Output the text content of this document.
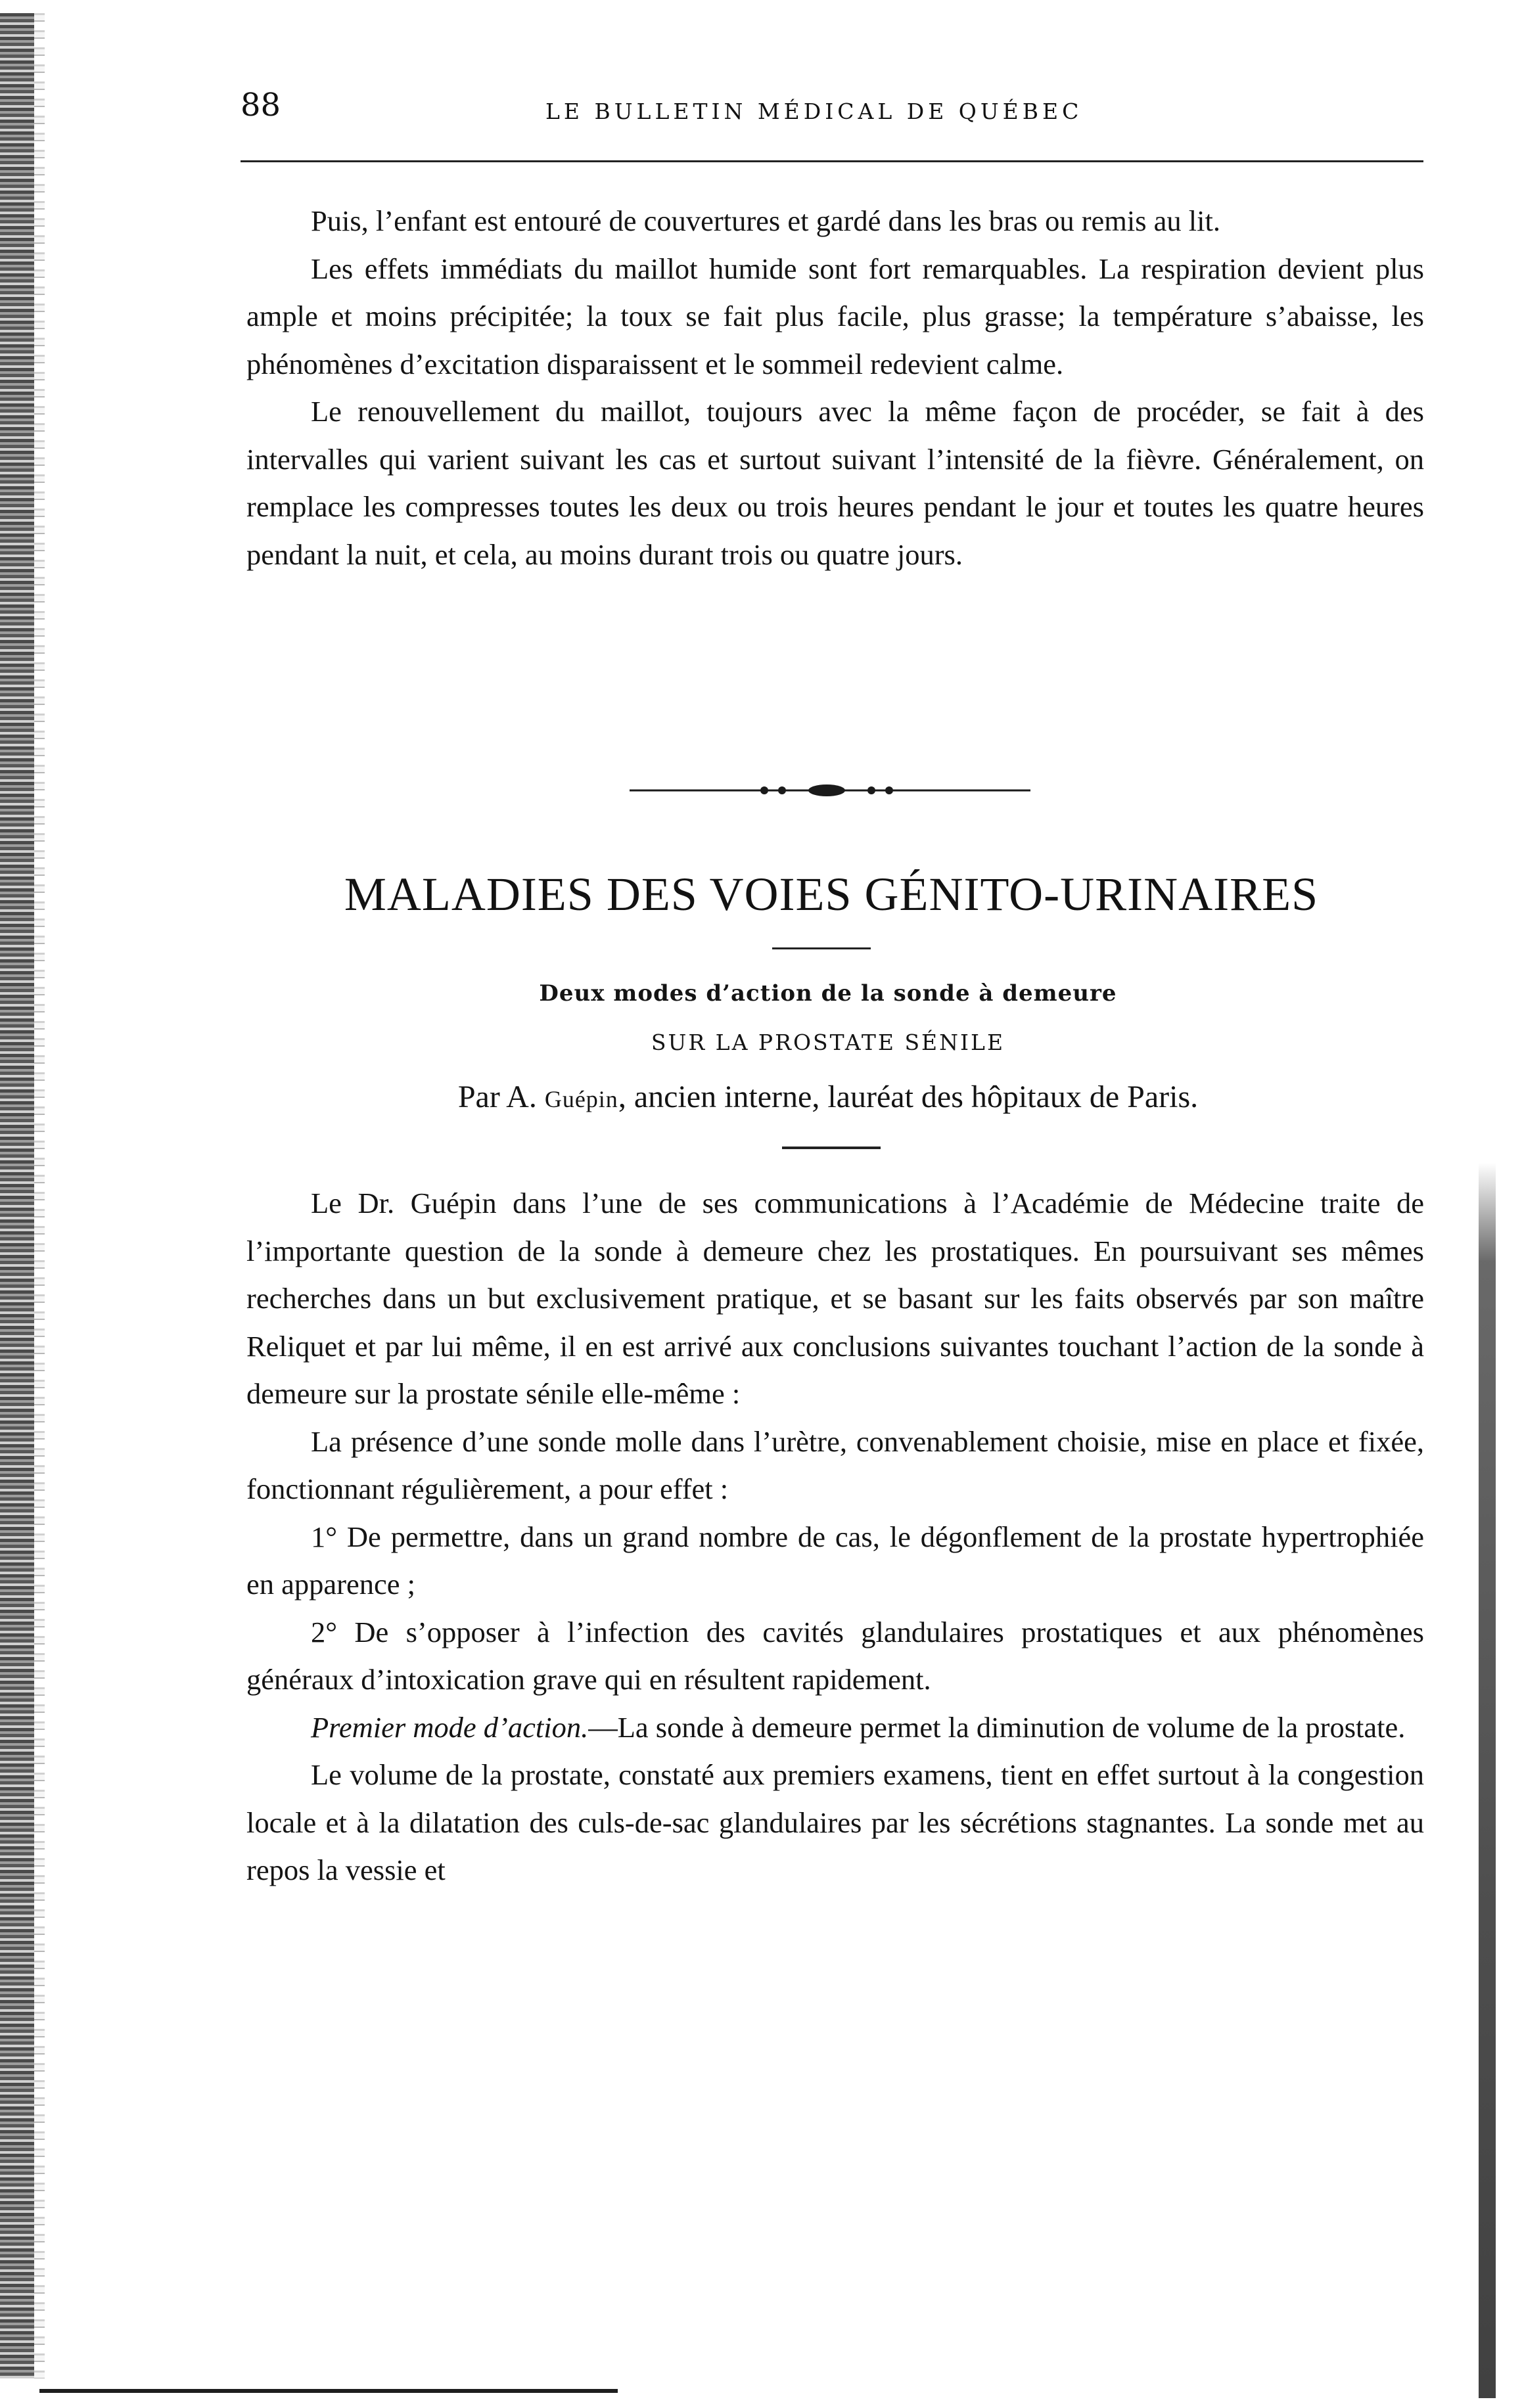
88	LE BULLETIN MÉDICAL DE QUÉBEC

Puis, l’enfant est entouré de couvertures et gardé dans les bras ou remis au lit.

Les effets immédiats du maillot humide sont fort remarquables. La respiration devient plus ample et moins précipitée; la toux se fait plus facile, plus grasse; la température s’abaisse, les phénomènes d’excitation disparaissent et le sommeil redevient calme.

Le renouvellement du maillot, toujours avec la même façon de procéder, se fait à des intervalles qui varient suivant les cas et surtout suivant l’intensité de la fièvre. Généralement, on remplace les compresses toutes les deux ou trois heures pendant le jour et toutes les quatre heures pendant la nuit, et cela, au moins durant trois ou quatre jours.

MALADIES DES VOIES GÉNITO-URINAIRES
Deux modes d’action de la sonde à demeure
SUR LA PROSTATE SÉNILE
Par A. Guépin, ancien interne, lauréat des hôpitaux de Paris.

Le Dr. Guépin dans l’une de ses communications à l’Académie de Médecine traite de l’importante question de la sonde à demeure chez les prostatiques. En poursuivant ses mêmes recherches dans un but exclusivement pratique, et se basant sur les faits observés par son maître Reliquet et par lui même, il en est arrivé aux conclusions suivantes touchant l’action de la sonde à demeure sur la prostate sénile elle-même :

La présence d’une sonde molle dans l’urètre, convenablement choisie, mise en place et fixée, fonctionnant régulièrement, a pour effet :

1° De permettre, dans un grand nombre de cas, le dégonflement de la prostate hypertrophiée en apparence ;

2° De s’opposer à l’infection des cavités glandulaires prostatiques et aux phénomènes généraux d’intoxication grave qui en résultent rapidement.

Premier mode d’action.—La sonde à demeure permet la diminution de volume de la prostate.

Le volume de la prostate, constaté aux premiers examens, tient en effet surtout à la congestion locale et à la dilatation des culs-de-sac glandulaires par les sécrétions stagnantes. La sonde met au repos la vessie et
